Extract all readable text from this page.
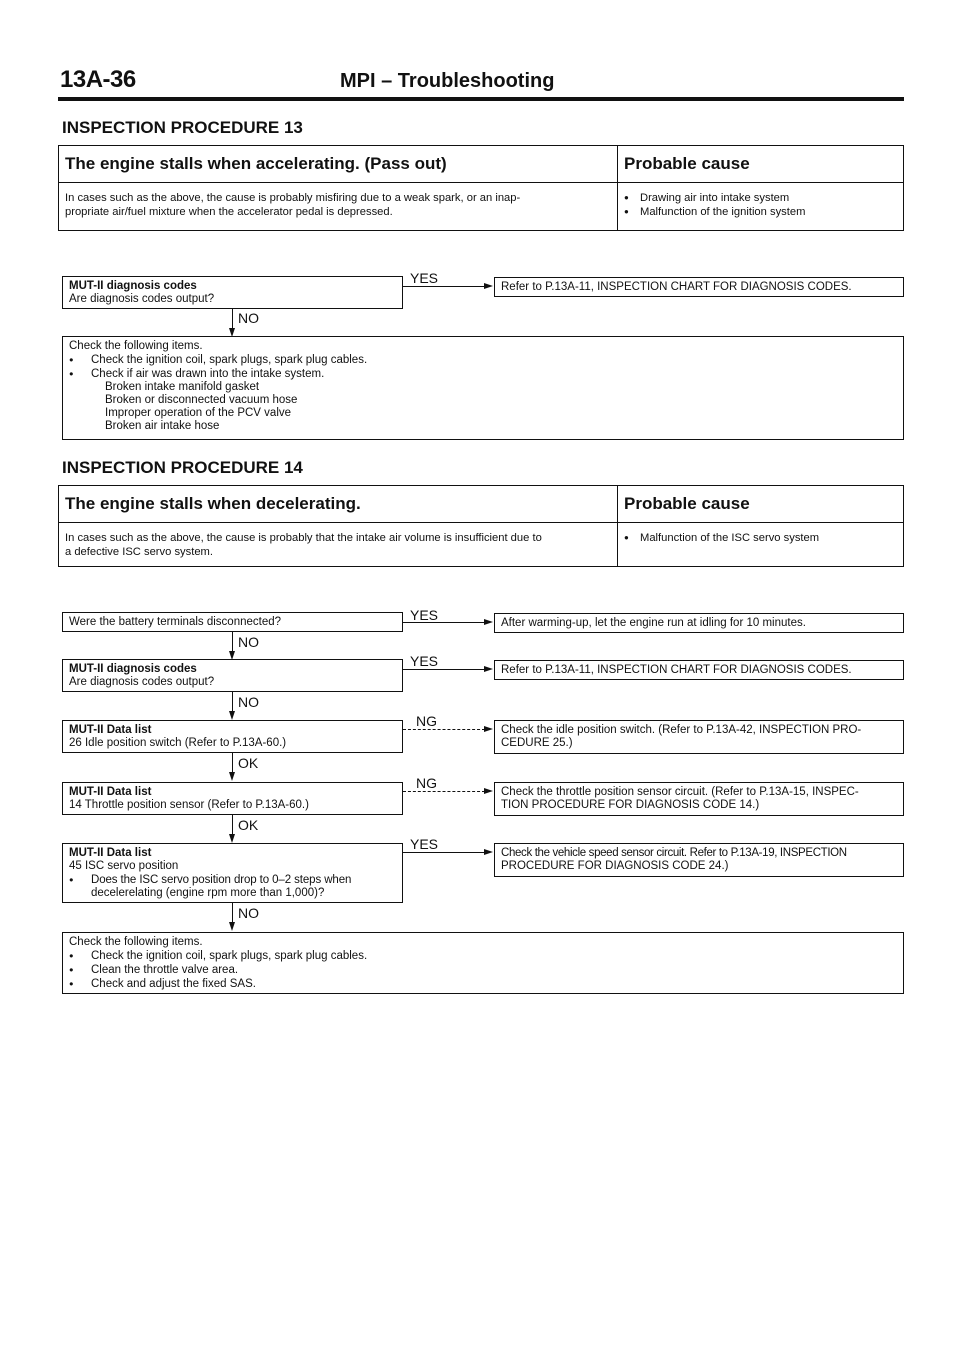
13A-36	MPI – Troubleshooting
INSPECTION PROCEDURE 13
The engine stalls when accelerating. (Pass out)	Probable cause
In cases such as the above, the cause is probably misfiring due to a weak spark, or an inap-
propriate air/fuel mixture when the accelerator pedal is depressed.
● Drawing air into intake system
● Malfunction of the ignition system
MUT-II diagnosis codes
Are diagnosis codes output?
YES
Refer to P.13A-11, INSPECTION CHART FOR DIAGNOSIS CODES.
NO
Check the following items.
● Check the ignition coil, spark plugs, spark plug cables.
● Check if air was drawn into the intake system.
Broken intake manifold gasket
Broken or disconnected vacuum hose
Improper operation of the PCV valve
Broken air intake hose
INSPECTION PROCEDURE 14
The engine stalls when decelerating.	Probable cause
In cases such as the above, the cause is probably that the intake air volume is insufficient due to
a defective ISC servo system.
● Malfunction of the ISC servo system
Were the battery terminals disconnected?	YES	After warming-up, let the engine run at idling for 10 minutes.
NO
MUT-II diagnosis codes
Are diagnosis codes output?
YES
Refer to P.13A-11, INSPECTION CHART FOR DIAGNOSIS CODES.
NO
MUT-II Data list
26 Idle position switch (Refer to P.13A-60.)
NG
Check the idle position switch. (Refer to P.13A-42, INSPECTION PRO-
CEDURE 25.)
OK
MUT-II Data list
14 Throttle position sensor (Refer to P.13A-60.)
NG
Check the throttle position sensor circuit. (Refer to P.13A-15, INSPEC-
TION PROCEDURE FOR DIAGNOSIS CODE 14.)
OK
MUT-II Data list
45 ISC servo position
● Does the ISC servo position drop to 0–2 steps when
decelerelating (engine rpm more than 1,000)?
YES
Check the vehicle speed sensor circuit. Refer to P.13A-19, INSPECTION
PROCEDURE FOR DIAGNOSIS CODE 24.)
NO
Check the following items.
● Check the ignition coil, spark plugs, spark plug cables.
● Clean the throttle valve area.
● Check and adjust the fixed SAS.
